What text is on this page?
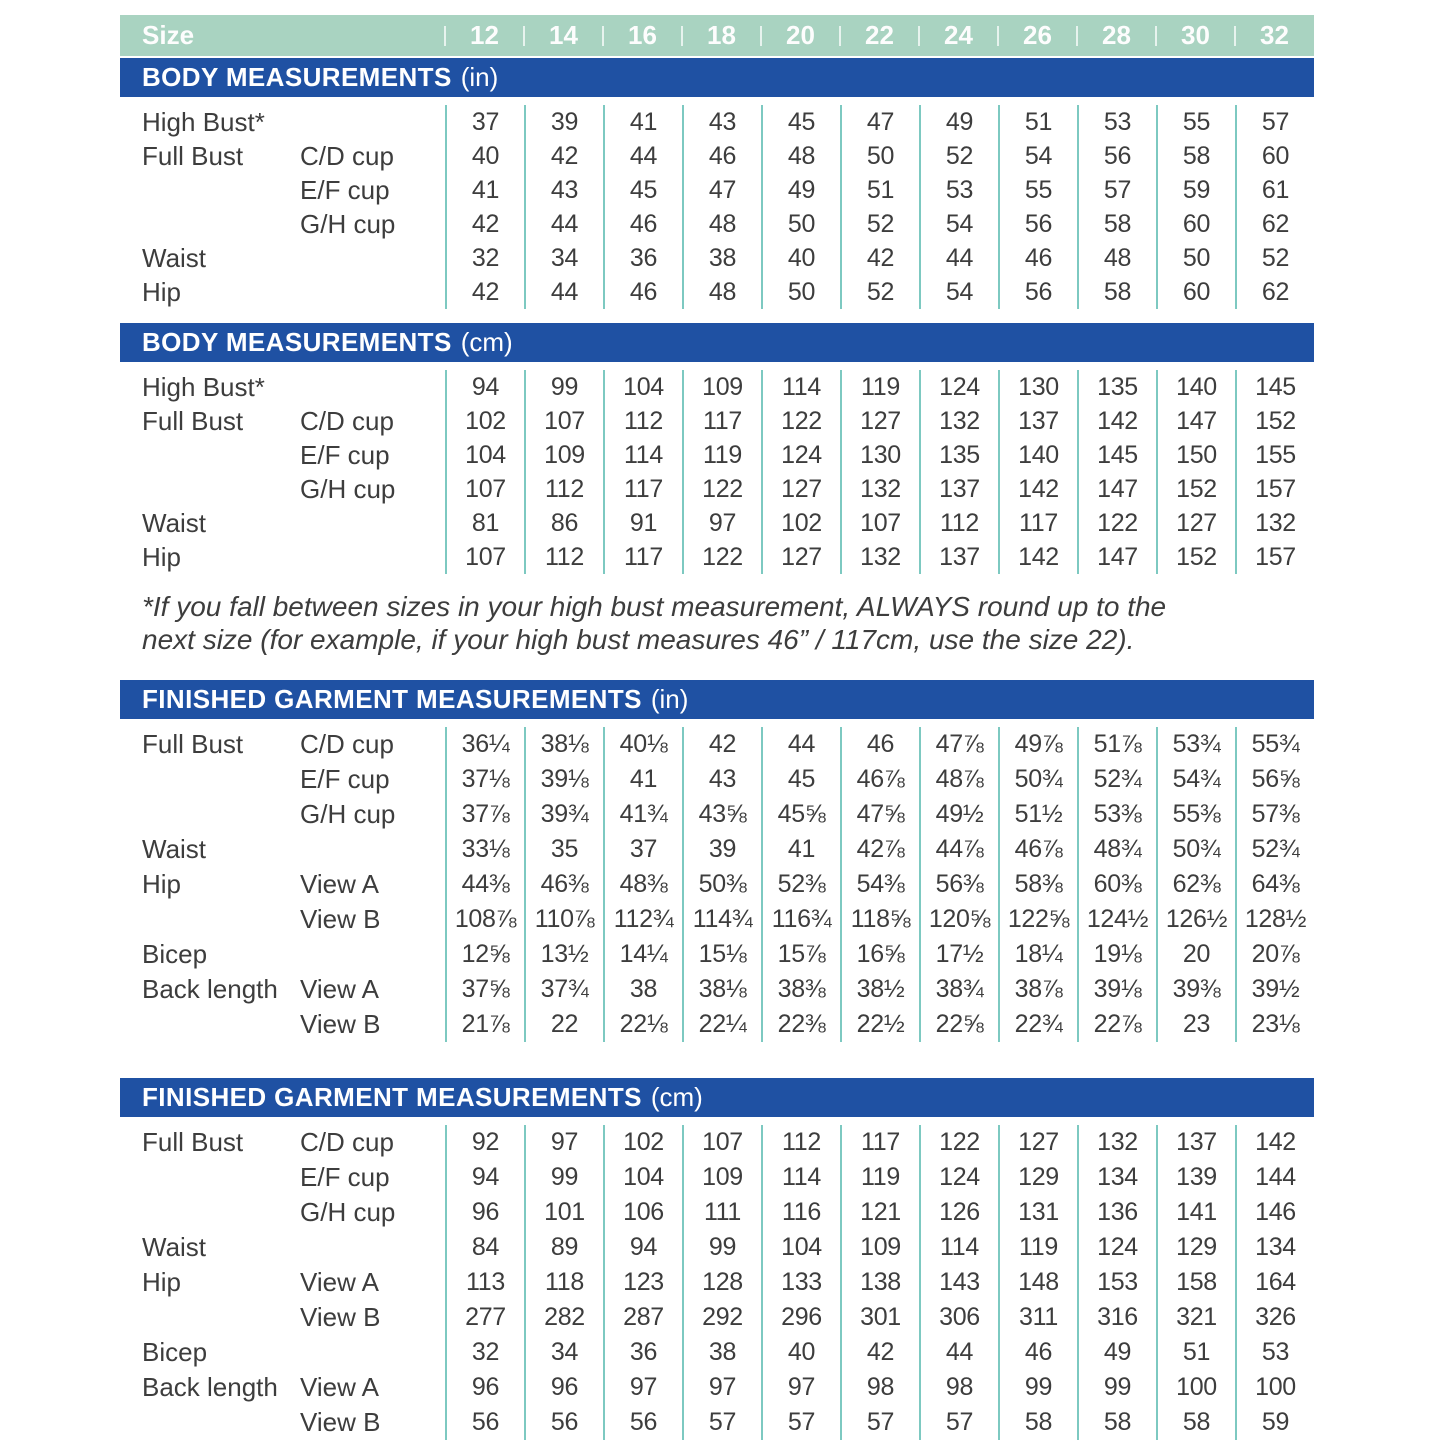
Size	12	14	16	18	20	22	24	26	28	30	32
BODY MEASUREMENTS (in)
High Bust*	37	39	41	43	45	47	49	51	53	55	57
Full Bust	C/D cup	40	42	44	46	48	50	52	54	56	58	60
E/F cup	41	43	45	47	49	51	53	55	57	59	61
G/H cup	42	44	46	48	50	52	54	56	58	60	62
Waist	32	34	36	38	40	42	44	46	48	50	52
Hip	42	44	46	48	50	52	54	56	58	60	62
BODY MEASUREMENTS (cm)
High Bust*	94	99	104	109	114	119	124	130	135	140	145
Full Bust	C/D cup	102	107	112	117	122	127	132	137	142	147	152
E/F cup	104	109	114	119	124	130	135	140	145	150	155
G/H cup	107	112	117	122	127	132	137	142	147	152	157
Waist	81	86	91	97	102	107	112	117	122	127	132
Hip	107	112	117	122	127	132	137	142	147	152	157
*If you fall between sizes in your high bust measurement, ALWAYS round up to the
next size (for example, if your high bust measures 46” / 117cm, use the size 22).
FINISHED GARMENT MEASUREMENTS (in)
Full Bust	C/D cup	36¼	38⅛	40⅛	42	44	46	47⅞	49⅞	51⅞	53¾	55¾
E/F cup	37⅛	39⅛	41	43	45	46⅞	48⅞	50¾	52¾	54¾	56⅝
G/H cup	37⅞	39¾	41¾	43⅝	45⅝	47⅝	49½	51½	53⅜	55⅜	57⅜
Waist	33⅛	35	37	39	41	42⅞	44⅞	46⅞	48¾	50¾	52¾
Hip	View A	44⅜	46⅜	48⅜	50⅜	52⅜	54⅜	56⅜	58⅜	60⅜	62⅜	64⅜
View B	108⅞ 110⅞ 112¾ 114¾ 116¾ 118⅝ 120⅝ 122⅝ 124½ 126½ 128½
Bicep	12⅝	13½	14¼	15⅛	15⅞	16⅝	17½	18¼	19⅛	20	20⅞
Back length View A	37⅝	37¾	38	38⅛	38⅜	38½	38¾	38⅞	39⅛	39⅜	39½
View B	21⅞	22	22⅛	22¼	22⅜	22½	22⅝	22¾	22⅞	23	23⅛
FINISHED GARMENT MEASUREMENTS (cm)
Full Bust	C/D cup	92	97	102	107	112	117	122	127	132	137	142
E/F cup	94	99	104	109	114	119	124	129	134	139	144
G/H cup	96	101	106	111	116	121	126	131	136	141	146
Waist	84	89	94	99	104	109	114	119	124	129	134
Hip	View A	113	118	123	128	133	138	143	148	153	158	164
View B	277	282	287	292	296	301	306	311	316	321	326
Bicep	32	34	36	38	40	42	44	46	49	51	53
Back length View A	96	96	97	97	97	98	98	99	99	100	100
View B	56	56	56	57	57	57	57	58	58	58	59
